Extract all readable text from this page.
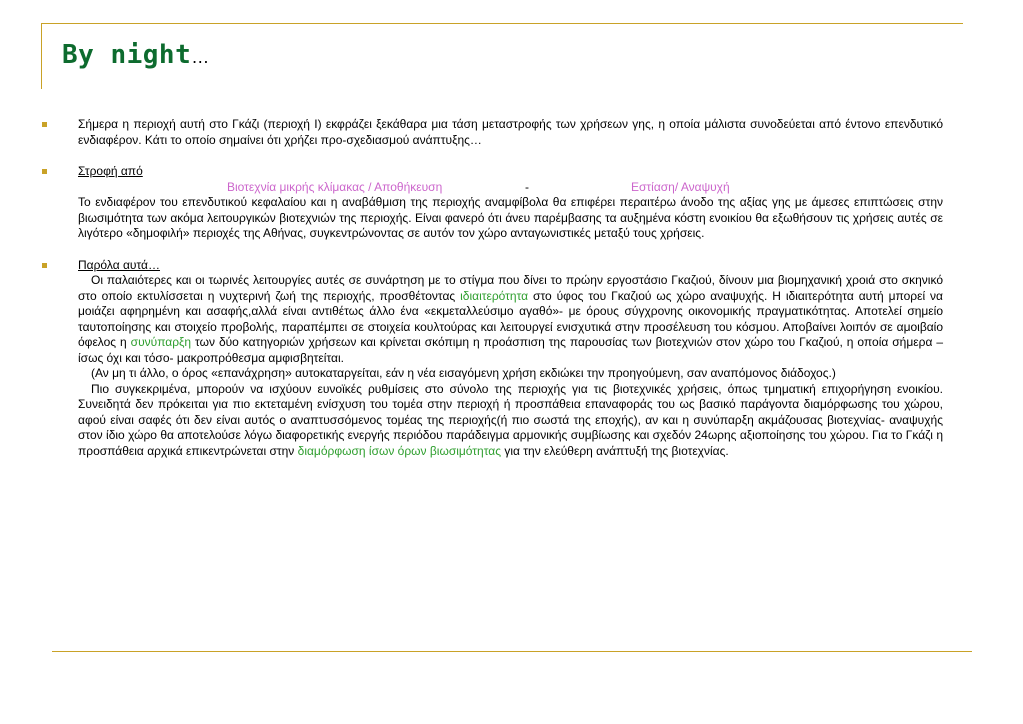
By night…

Σήμερα η περιοχή αυτή στο Γκάζι (περιοχή Ι) εκφράζει ξεκάθαρα μια τάση μεταστροφής των χρήσεων γης, η οποία μάλιστα συνοδεύεται από έντονο επενδυτικό ενδιαφέρον. Κάτι το οποίο σημαίνει ότι χρήζει προ-σχεδιασμού ανάπτυξης…

Στροφή από

Βιοτεχνία μικρής κλίμακας / Αποθήκευση	-	Εστίαση/ Αναψυχή

Το ενδιαφέρον του επενδυτικού κεφαλαίου και η αναβάθμιση της περιοχής αναμφίβολα θα επιφέρει περαιτέρω άνοδο της αξίας γης με άμεσες επιπτώσεις στην βιωσιμότητα των ακόμα λειτουργικών βιοτεχνιών της περιοχής. Είναι φανερό ότι άνευ παρέμβασης τα αυξημένα κόστη ενοικίου θα εξωθήσουν τις χρήσεις αυτές σε λιγότερο «δημοφιλή» περιοχές της Αθήνας, συγκεντρώνοντας σε αυτόν τον χώρο ανταγωνιστικές μεταξύ τους χρήσεις.

Παρόλα αυτά…

Οι παλαιότερες και οι τωρινές λειτουργίες αυτές σε συνάρτηση με το στίγμα που δίνει το πρώην εργοστάσιο Γκαζιού, δίνουν μια βιομηχανική χροιά στο σκηνικό στο οποίο εκτυλίσσεται η νυχτερινή ζωή της περιοχής, προσθέτοντας ιδιαιτερότητα στο ύφος του Γκαζιού ως χώρο αναψυχής. Η ιδιαιτερότητα αυτή μπορεί να μοιάζει αφηρημένη και ασαφής,αλλά είναι αντιθέτως άλλο ένα «εκμεταλλεύσιμο αγαθό»- με όρους σύγχρονης οικονομικής πραγματικότητας. Αποτελεί σημείο ταυτοποίησης και στοιχείο προβολής, παραπέμπει σε στοιχεία κουλτούρας και λειτουργεί ενισχυτικά στην προσέλευση του κόσμου. Αποβαίνει λοιπόν σε αμοιβαίο όφελος η συνύπαρξη των δύο κατηγοριών χρήσεων και κρίνεται σκόπιμη η προάσπιση της παρουσίας των βιοτεχνιών στον χώρο του Γκαζιού, η οποία σήμερα –ίσως όχι και τόσο- μακροπρόθεσμα αμφισβητείται.

(Αν μη τι άλλο, ο όρος «επανάχρηση» αυτοκαταργείται, εάν η νέα εισαγόμενη χρήση εκδιώκει την προηγούμενη, σαν αναπόμονος διάδοχος.)

Πιο συγκεκριμένα, μπορούν να ισχύουν ευνοϊκές ρυθμίσεις στο σύνολο της περιοχής για τις βιοτεχνικές χρήσεις, όπως τμηματική επιχορήγηση ενοικίου. Συνειδητά δεν πρόκειται για πιο εκτεταμένη ενίσχυση του τομέα στην περιοχή ή προσπάθεια επαναφοράς του ως βασικό παράγοντα διαμόρφωσης του χώρου, αφού είναι σαφές ότι δεν είναι αυτός ο αναπτυσσόμενος τομέας της περιοχής(ή πιο σωστά της εποχής), αν και η συνύπαρξη ακμάζουσας βιοτεχνίας- αναψυχής στον ίδιο χώρο θα αποτελούσε λόγω διαφορετικής ενεργής περιόδου παράδειγμα αρμονικής συμβίωσης και σχεδόν 24ωρης αξιοποίησης του χώρου. Για το Γκάζι η προσπάθεια αρχικά επικεντρώνεται στην διαμόρφωση ίσων όρων βιωσιμότητας για την ελεύθερη ανάπτυξή της βιοτεχνίας.
